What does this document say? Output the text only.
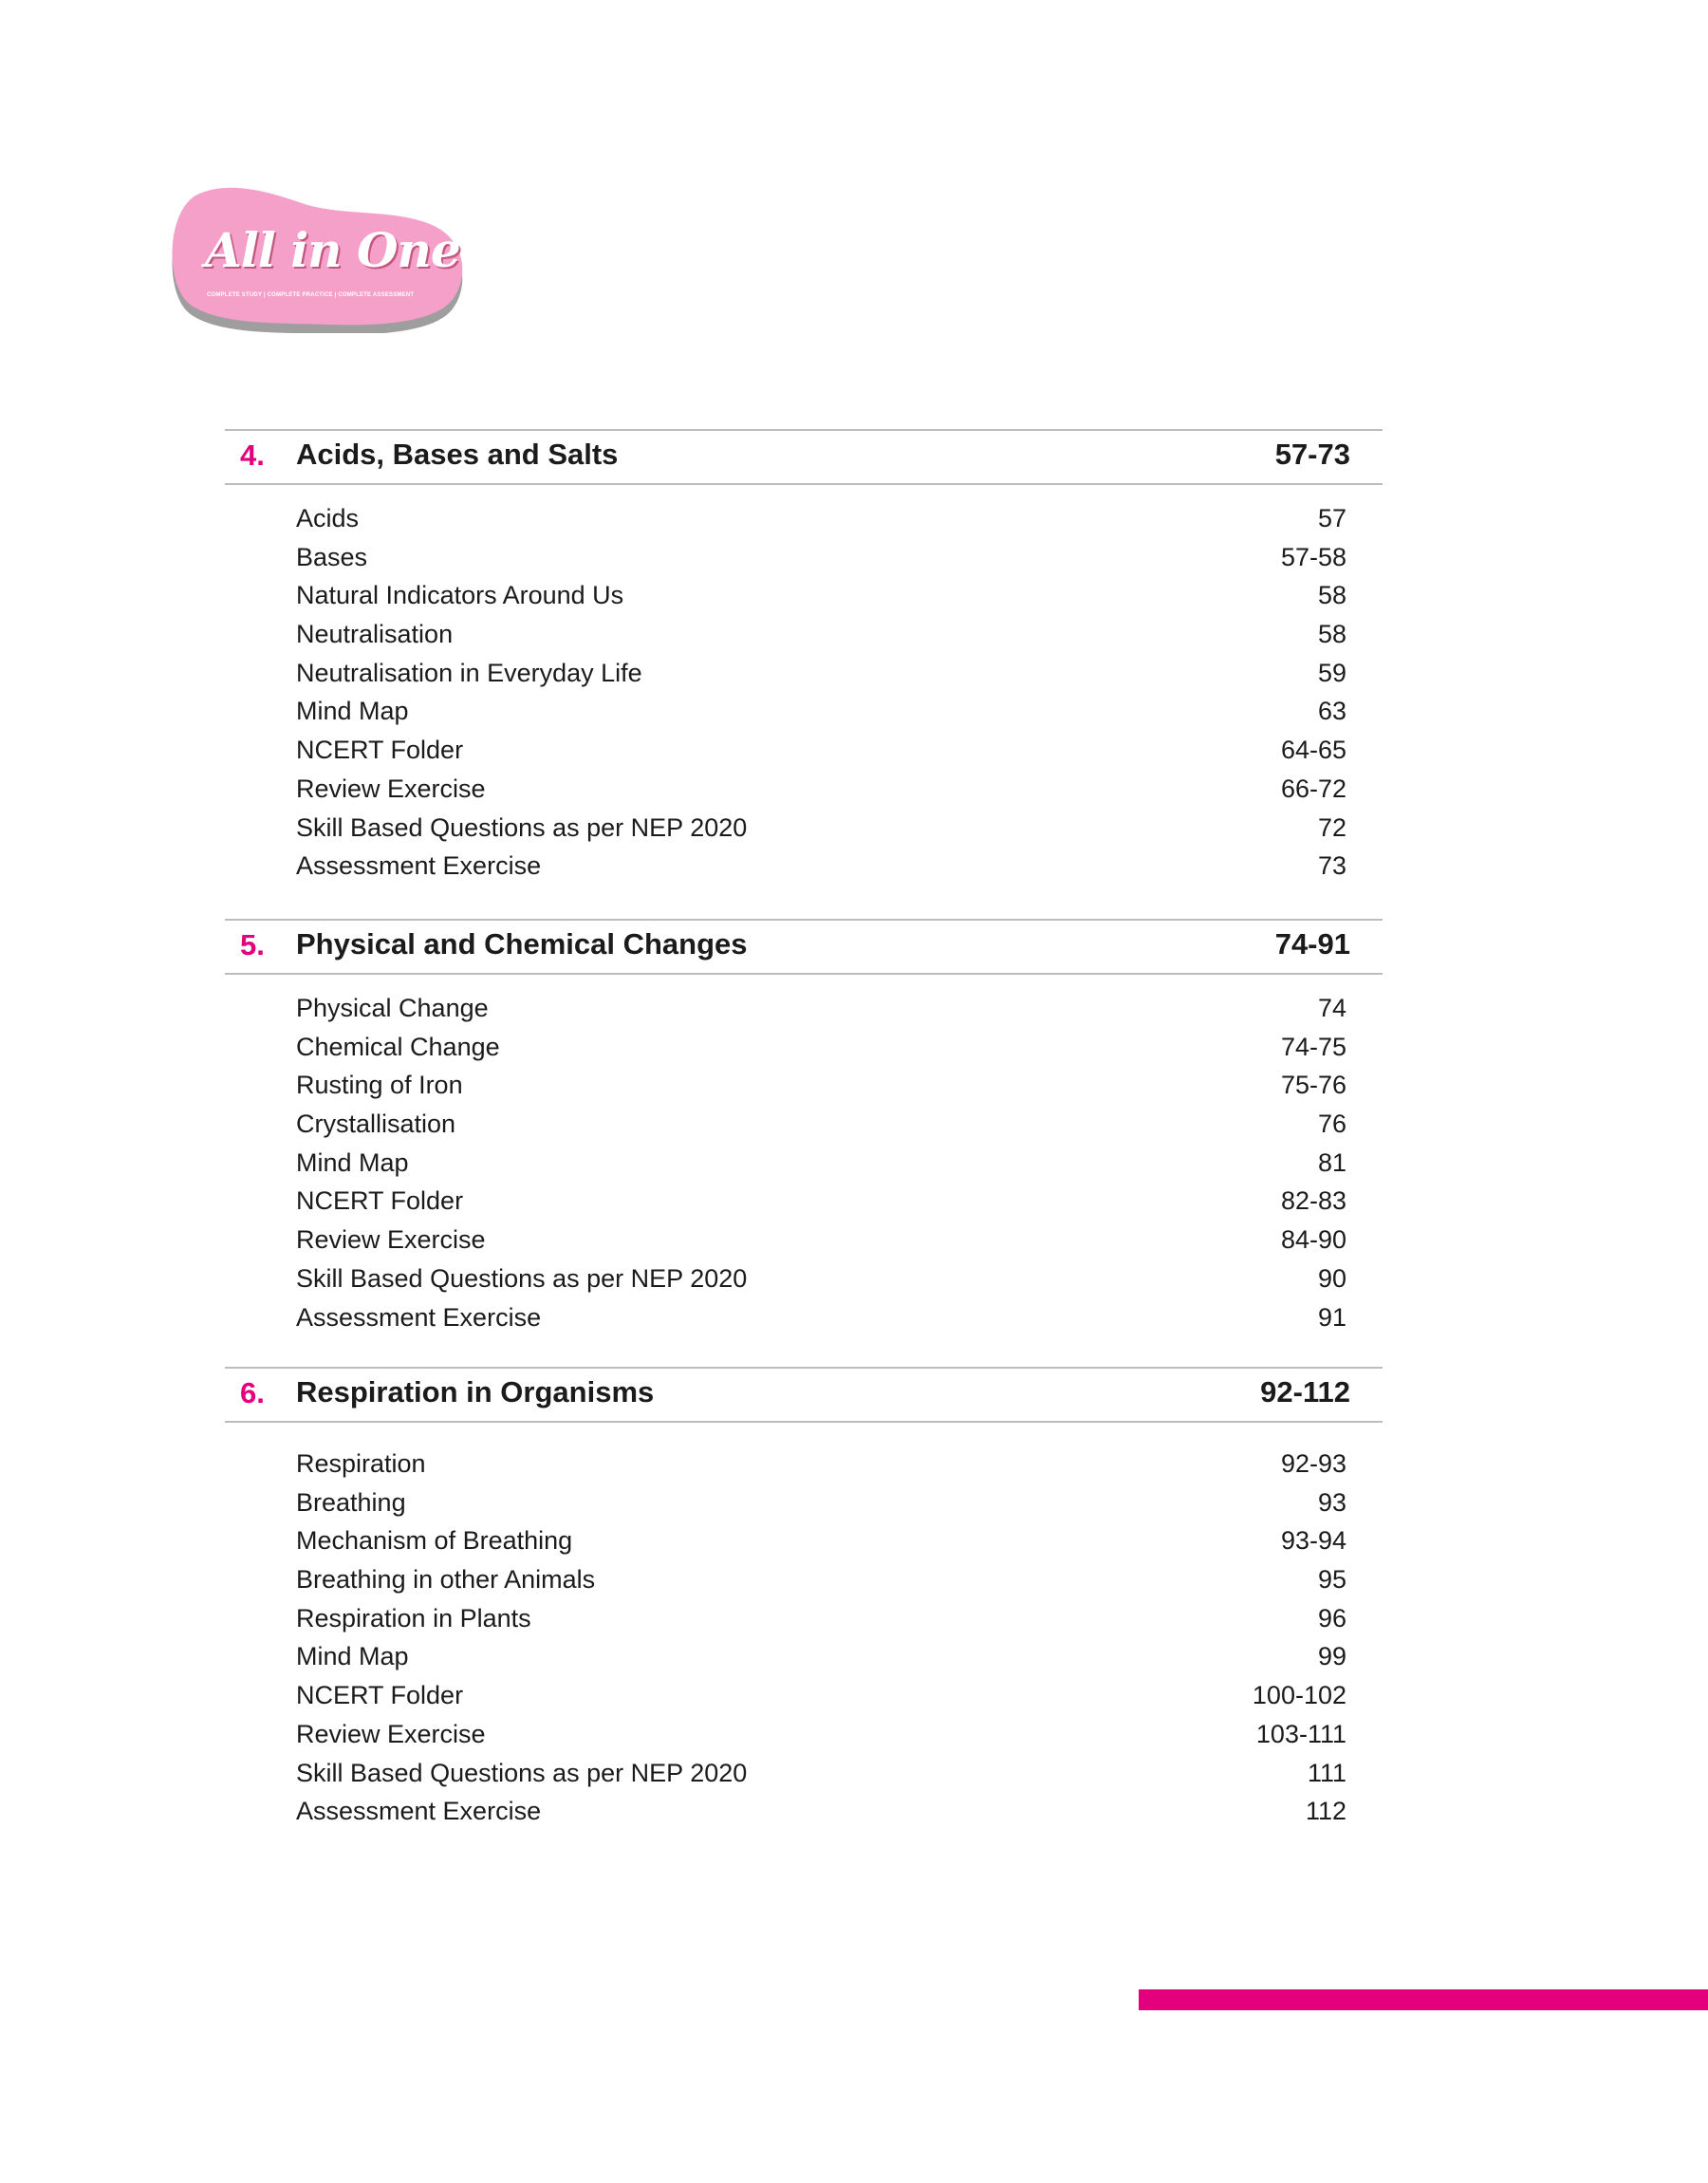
All in One
COMPLETE STUDY | COMPLETE PRACTICE | COMPLETE ASSESSMENT
4. Acids, Bases and Salts	57-73
Acids	57
Bases	57-58
Natural Indicators Around Us	58
Neutralisation	58
Neutralisation in Everyday Life	59
Mind Map	63
NCERT Folder	64-65
Review Exercise	66-72
Skill Based Questions as per NEP 2020	72
Assessment Exercise	73
5. Physical and Chemical Changes	74-91
Physical Change	74
Chemical Change	74-75
Rusting of Iron	75-76
Crystallisation	76
Mind Map	81
NCERT Folder	82-83
Review Exercise	84-90
Skill Based Questions as per NEP 2020	90
Assessment Exercise	91
6. Respiration in Organisms	92-112
Respiration	92-93
Breathing	93
Mechanism of Breathing	93-94
Breathing in other Animals	95
Respiration in Plants	96
Mind Map	99
NCERT Folder	100-102
Review Exercise	103-111
Skill Based Questions as per NEP 2020	111
Assessment Exercise	112
